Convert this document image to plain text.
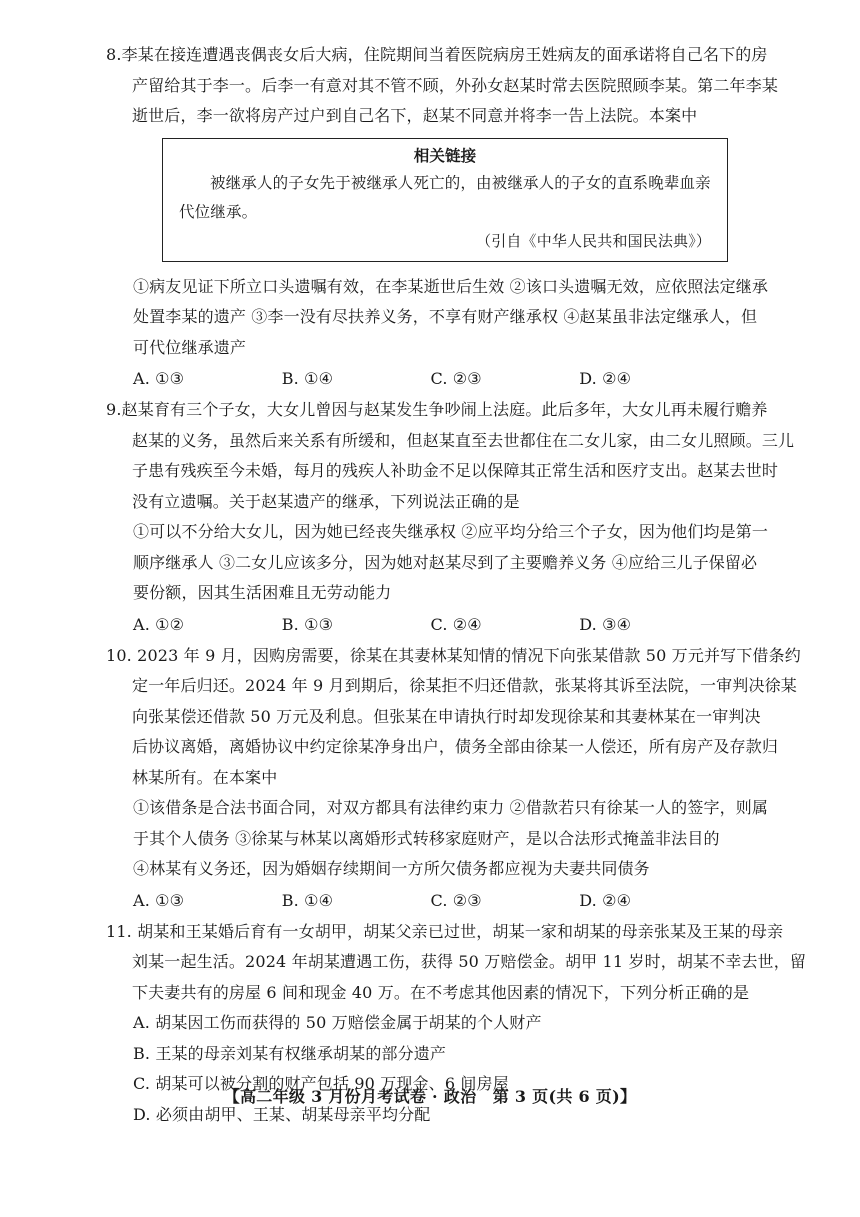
8.李某在接连遭遇丧偶丧女后大病，住院期间当着医院病房王姓病友的面承诺将自己名下的房
产留给其于李一。后李一有意对其不管不顾，外孙女赵某时常去医院照顾李某。第二年李某
逝世后，李一欲将房产过户到自己名下，赵某不同意并将李一告上法院。本案中
相关链接
被继承人的子女先于被继承人死亡的，由被继承人的子女的直系晚辈血亲代位继承。
（引自《中华人民共和国民法典》）
①病友见证下所立口头遗嘱有效，在李某逝世后生效 ②该口头遗嘱无效，应依照法定继承
处置李某的遗产 ③李一没有尽扶养义务，不享有财产继承权 ④赵某虽非法定继承人，但
可代位继承遗产
A. ①③	B. ①④	C. ②③	D. ②④
9.赵某育有三个子女，大女儿曾因与赵某发生争吵闹上法庭。此后多年，大女儿再未履行赡养
赵某的义务，虽然后来关系有所缓和，但赵某直至去世都住在二女儿家，由二女儿照顾。三儿
子患有残疾至今未婚，每月的残疾人补助金不足以保障其正常生活和医疗支出。赵某去世时
没有立遗嘱。关于赵某遗产的继承，下列说法正确的是
①可以不分给大女儿，因为她已经丧失继承权 ②应平均分给三个子女，因为他们均是第一
顺序继承人 ③二女儿应该多分，因为她对赵某尽到了主要赡养义务 ④应给三儿子保留必
要份额，因其生活困难且无劳动能力
A. ①②	B. ①③	C. ②④	D. ③④
10. 2023 年 9 月，因购房需要，徐某在其妻林某知情的情况下向张某借款 50 万元并写下借条约
定一年后归还。2024 年 9 月到期后，徐某拒不归还借款，张某将其诉至法院，一审判决徐某
向张某偿还借款 50 万元及利息。但张某在申请执行时却发现徐某和其妻林某在一审判决
后协议离婚，离婚协议中约定徐某净身出户，债务全部由徐某一人偿还，所有房产及存款归
林某所有。在本案中
①该借条是合法书面合同，对双方都具有法律约束力 ②借款若只有徐某一人的签字，则属
于其个人债务 ③徐某与林某以离婚形式转移家庭财产，是以合法形式掩盖非法目的
④林某有义务还，因为婚姻存续期间一方所欠债务都应视为夫妻共同债务
A. ①③	B. ①④	C. ②③	D. ②④
11. 胡某和王某婚后育有一女胡甲，胡某父亲已过世，胡某一家和胡某的母亲张某及王某的母亲
刘某一起生活。2024 年胡某遭遇工伤，获得 50 万赔偿金。胡甲 11 岁时，胡某不幸去世，留
下夫妻共有的房屋 6 间和现金 40 万。在不考虑其他因素的情况下，下列分析正确的是
A. 胡某因工伤而获得的 50 万赔偿金属于胡某的个人财产
B. 王某的母亲刘某有权继承胡某的部分遗产
C. 胡某可以被分割的财产包括 90 万现金、6 间房屋
D. 必须由胡甲、王某、胡某母亲平均分配
【高二年级 3 月份月考试卷 · 政治　第 3 页(共 6 页)】
